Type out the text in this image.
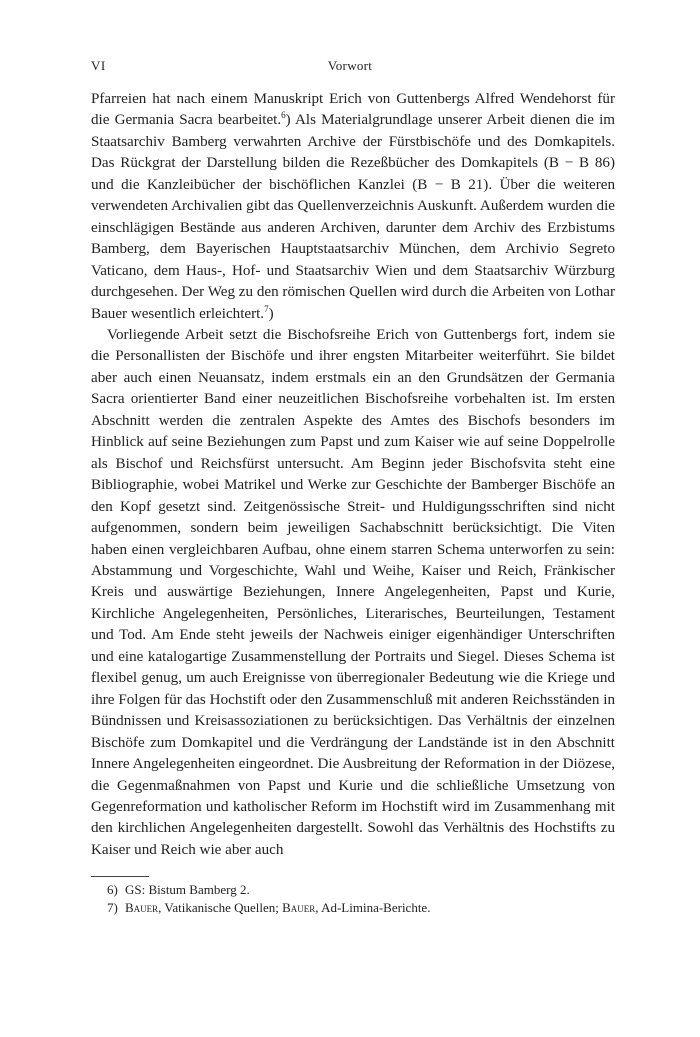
VI	Vorwort

Pfarreien hat nach einem Manuskript Erich von Guttenbergs Alfred Wendehorst für die Germania Sacra bearbeitet.$^6$) Als Materialgrundlage unserer Arbeit dienen die im Staatsarchiv Bamberg verwahrten Archive der Fürstbischöfe und des Domkapitels. Das Rückgrat der Darstellung bilden die Rezeßbücher des Domkapitels (B − B 86) und die Kanzleibücher der bischöflichen Kanzlei (B − B 21). Über die weiteren verwendeten Archivalien gibt das Quellenverzeichnis Auskunft. Außerdem wurden die einschlägigen Bestände aus anderen Archiven, darunter dem Archiv des Erzbistums Bamberg, dem Bayerischen Hauptstaatsarchiv München, dem Archivio Segreto Vaticano, dem Haus-, Hof- und Staatsarchiv Wien und dem Staatsarchiv Würzburg durchgesehen. Der Weg zu den römischen Quellen wird durch die Arbeiten von Lothar Bauer wesentlich erleichtert.$^7$)

Vorliegende Arbeit setzt die Bischofsreihe Erich von Guttenbergs fort, indem sie die Personallisten der Bischöfe und ihrer engsten Mitarbeiter weiterführt. Sie bildet aber auch einen Neuansatz, indem erstmals ein an den Grundsätzen der Germania Sacra orientierter Band einer neuzeitlichen Bischofsreihe vorbehalten ist. Im ersten Abschnitt werden die zentralen Aspekte des Amtes des Bischofs besonders im Hinblick auf seine Beziehungen zum Papst und zum Kaiser wie auf seine Doppelrolle als Bischof und Reichsfürst untersucht. Am Beginn jeder Bischofsvita steht eine Bibliographie, wobei Matrikel und Werke zur Geschichte der Bamberger Bischöfe an den Kopf gesetzt sind. Zeitgenössische Streit- und Huldigungsschriften sind nicht aufgenommen, sondern beim jeweiligen Sachabschnitt berücksichtigt. Die Viten haben einen vergleichbaren Aufbau, ohne einem starren Schema unterworfen zu sein: Abstammung und Vorgeschichte, Wahl und Weihe, Kaiser und Reich, Fränkischer Kreis und auswärtige Beziehungen, Innere Angelegenheiten, Papst und Kurie, Kirchliche Angelegenheiten, Persönliches, Literarisches, Beurteilungen, Testament und Tod. Am Ende steht jeweils der Nachweis einiger eigenhändiger Unterschriften und eine katalogartige Zusammenstellung der Portraits und Siegel. Dieses Schema ist flexibel genug, um auch Ereignisse von überregionaler Bedeutung wie die Kriege und ihre Folgen für das Hochstift oder den Zusammenschluß mit anderen Reichsständen in Bündnissen und Kreisassoziationen zu berücksichtigen. Das Verhältnis der einzelnen Bischöfe zum Domkapitel und die Verdrängung der Landstände ist in den Abschnitt Innere Angelegenheiten eingeordnet. Die Ausbreitung der Reformation in der Diözese, die Gegenmaßnahmen von Papst und Kurie und die schließliche Umsetzung von Gegenreformation und katholischer Reform im Hochstift wird im Zusammenhang mit den kirchlichen Angelegenheiten dargestellt. Sowohl das Verhältnis des Hochstifts zu Kaiser und Reich wie aber auch

6) GS: Bistum Bamberg 2.
7) Bauer, Vatikanische Quellen; Bauer, Ad-Limina-Berichte.
